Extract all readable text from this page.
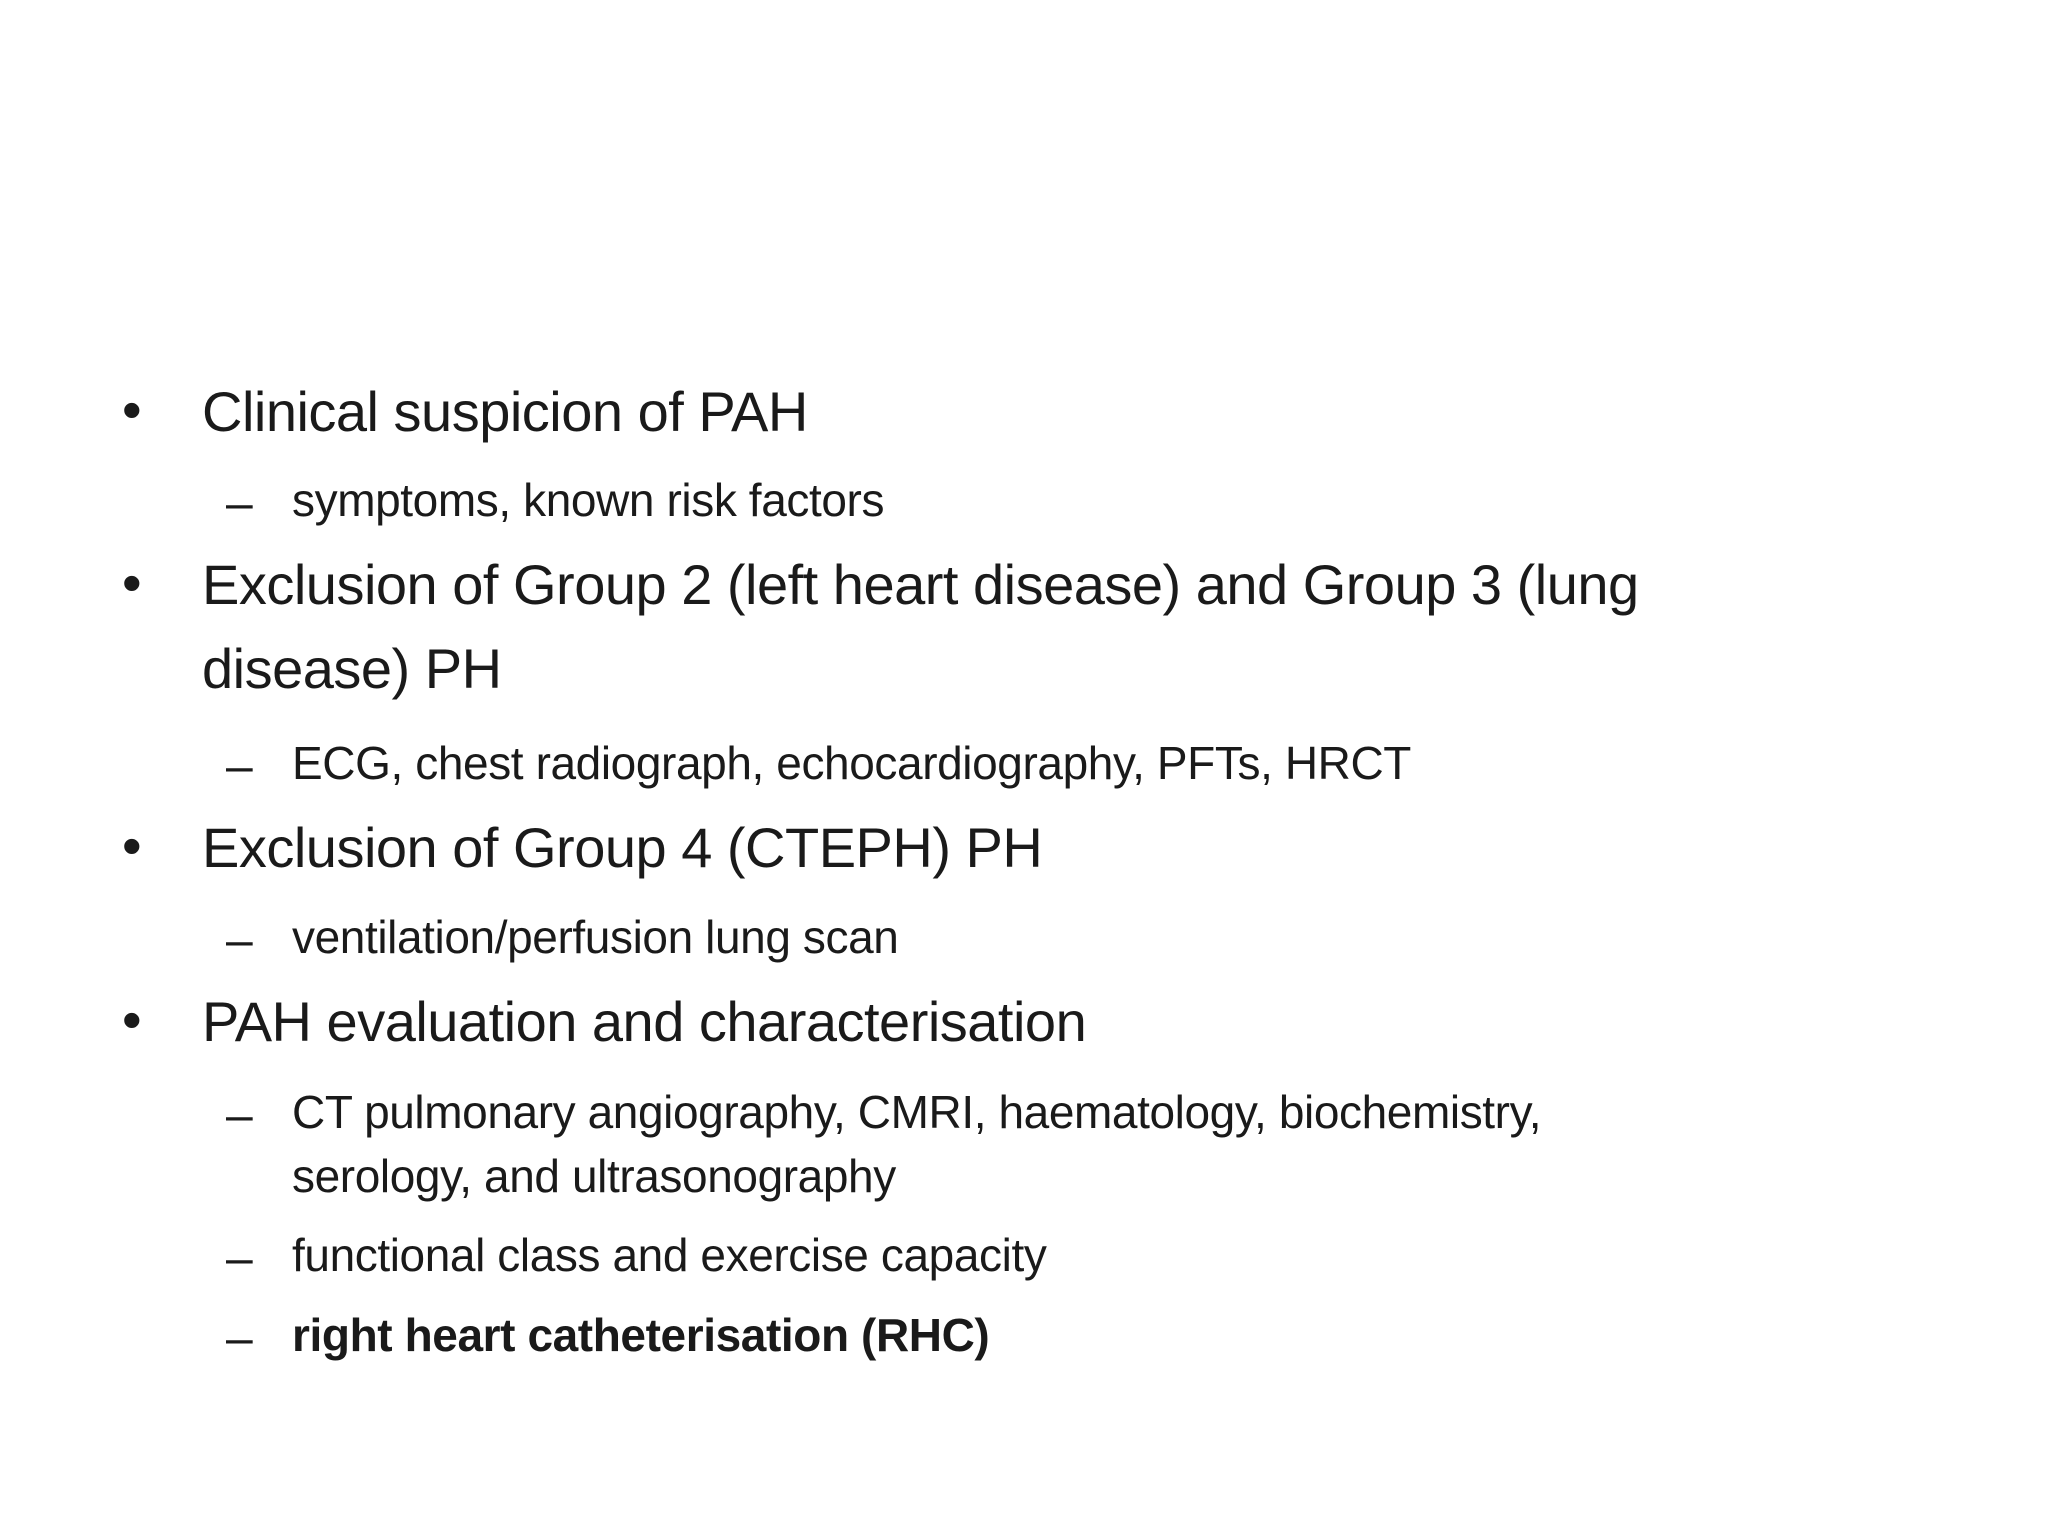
• Clinical suspicion of PAH
– symptoms, known risk factors
• Exclusion of Group 2 (left heart disease) and Group 3 (lung
disease) PH
– ECG, chest radiograph, echocardiography, PFTs, HRCT
• Exclusion of Group 4 (CTEPH) PH
– ventilation/perfusion lung scan
• PAH evaluation and characterisation
– CT pulmonary angiography, CMRI, haematology, biochemistry,
serology, and ultrasonography
– functional class and exercise capacity
– right heart catheterisation (RHC)
